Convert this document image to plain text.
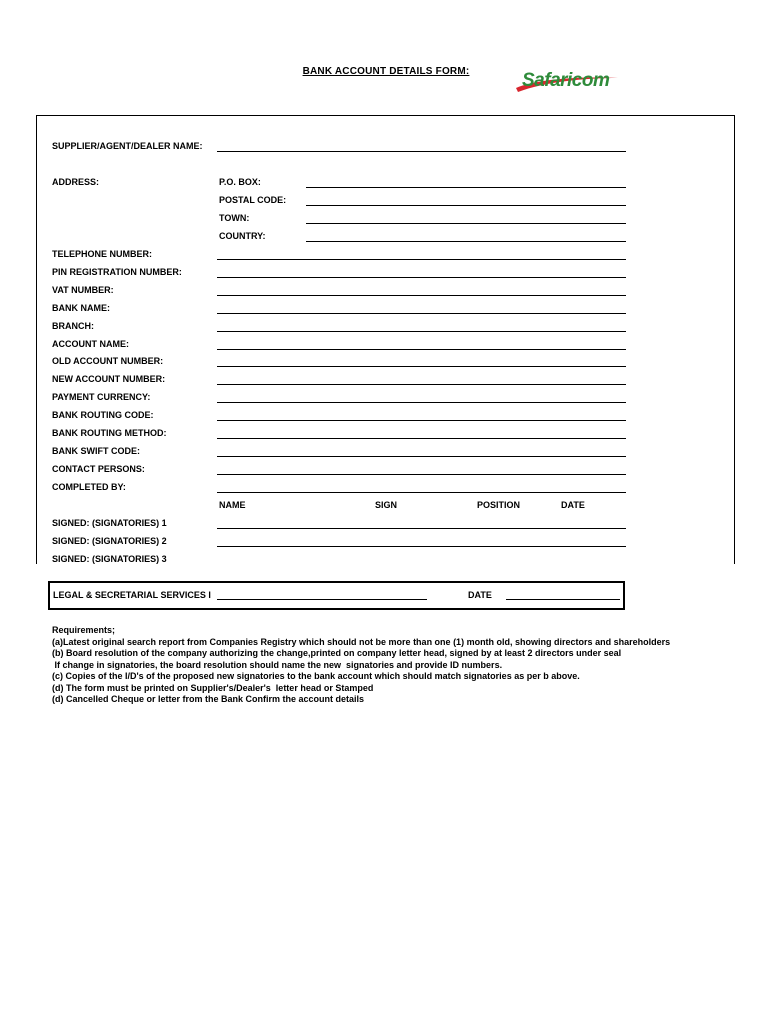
BANK ACCOUNT DETAILS FORM:	Safaricom
SUPPLIER/AGENT/DEALER NAME:
ADDRESS:	P.O. BOX:
POSTAL CODE:
TOWN:
COUNTRY:
TELEPHONE NUMBER:
PIN REGISTRATION NUMBER:
VAT NUMBER:
BANK NAME:
BRANCH:
ACCOUNT NAME:
OLD ACCOUNT NUMBER:
NEW ACCOUNT NUMBER:
PAYMENT CURRENCY:
BANK ROUTING CODE:
BANK ROUTING METHOD:
BANK SWIFT CODE:
CONTACT PERSONS:
COMPLETED BY:
NAME	SIGN	POSITION	DATE
SIGNED: (SIGNATORIES) 1
SIGNED: (SIGNATORIES) 2
SIGNED: (SIGNATORIES) 3
LEGAL & SECRETARIAL SERVICES I	DATE
Requirements;
(a)Latest original search report from Companies Registry which should not be more than one (1) month old, showing directors and shareholders
(b) Board resolution of the company authorizing the change,printed on company letter head, signed by at least 2 directors under seal
If change in signatories, the board resolution should name the new  signatories and provide ID numbers.
(c) Copies of the I/D's of the proposed new signatories to the bank account which should match signatories as per b above.
(d) The form must be printed on Supplier's/Dealer's  letter head or Stamped
(d) Cancelled Cheque or letter from the Bank Confirm the account details
